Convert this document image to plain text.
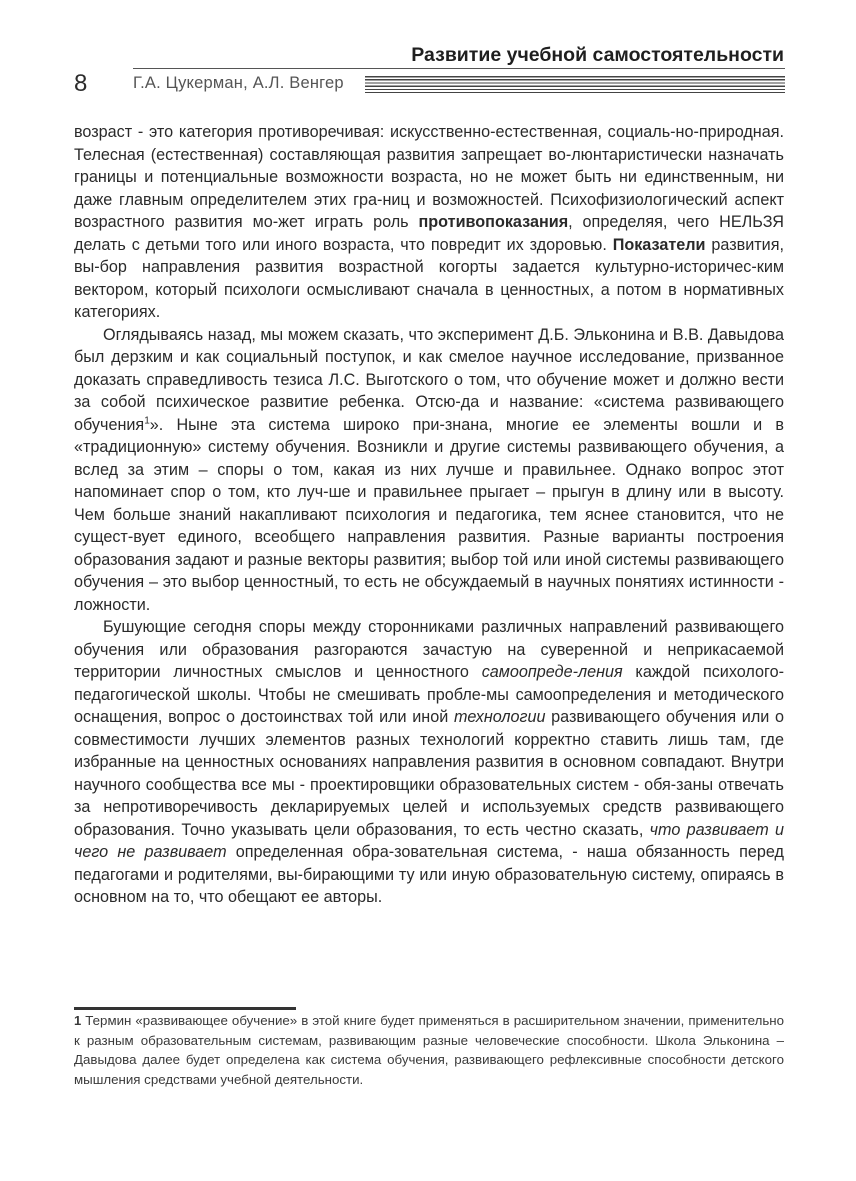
Развитие учебной самостоятельности
8	Г.А. Цукерман, А.Л. Венгер

возраст - это категория противоречивая: искусственно-естественная, социаль-но-природная. Телесная (естественная) составляющая развития запрещает во-люнтаристически назначать границы и потенциальные возможности возраста, но не может быть ни единственным, ни даже главным определителем этих гра-ниц и возможностей. Психофизиологический аспект возрастного развития мо-жет играть роль противопоказания, определяя, чего НЕЛЬЗЯ делать с детьми того или иного возраста, что повредит их здоровью. Показатели развития, вы-бор направления развития возрастной когорты задается культурно-историчес-ким вектором, который психологи осмысливают сначала в ценностных, а потом в нормативных категориях.

Оглядываясь назад, мы можем сказать, что эксперимент Д.Б. Эльконина и В.В. Давыдова был дерзким и как социальный поступок, и как смелое научное исследование, призванное доказать справедливость тезиса Л.С. Выготского о том, что обучение может и должно вести за собой психическое развитие ребенка. Отсю-да и название: «система развивающего обучения$^1$». Ныне эта система широко при-знана, многие ее элементы вошли и в «традиционную» систему обучения. Возникли и другие системы развивающего обучения, а вслед за этим – споры о том, какая из них лучше и правильнее. Однако вопрос этот напоминает спор о том, кто луч-ше и правильнее прыгает – прыгун в длину или в высоту. Чем больше знаний накапливают психология и педагогика, тем яснее становится, что не сущест-вует единого, всеобщего направления развития. Разные варианты построения образования задают и разные векторы развития; выбор той или иной системы развивающего обучения – это выбор ценностный, то есть не обсуждаемый в научных понятиях истинности - ложности.

Бушующие сегодня споры между сторонниками различных направлений развивающего обучения или образования разгораются зачастую на суверенной и неприкасаемой территории личностных смыслов и ценностного самоопреде-ления каждой психолого-педагогической школы. Чтобы не смешивать пробле-мы самоопределения и методического оснащения, вопрос о достоинствах той или иной технологии развивающего обучения или о совместимости лучших элементов разных технологий корректно ставить лишь там, где избранные на ценностных основаниях направления развития в основном совпадают. Внутри научного сообщества все мы - проектировщики образовательных систем - обя-заны отвечать за непротиворечивость декларируемых целей и используемых средств развивающего образования. Точно указывать цели образования, то есть честно сказать, что развивает и чего не развивает определенная обра-зовательная система, - наша обязанность перед педагогами и родителями, вы-бирающими ту или иную образовательную систему, опираясь в основном на то, что обещают ее авторы.

1 Термин «развивающее обучение» в этой книге будет применяться в расширительном значении, применительно к разным образовательным системам, развивающим разные человеческие способности. Школа Эльконина – Давыдова далее будет определена как система обучения, развивающего рефлексивные способности детского мышления средствами учебной деятельности.
